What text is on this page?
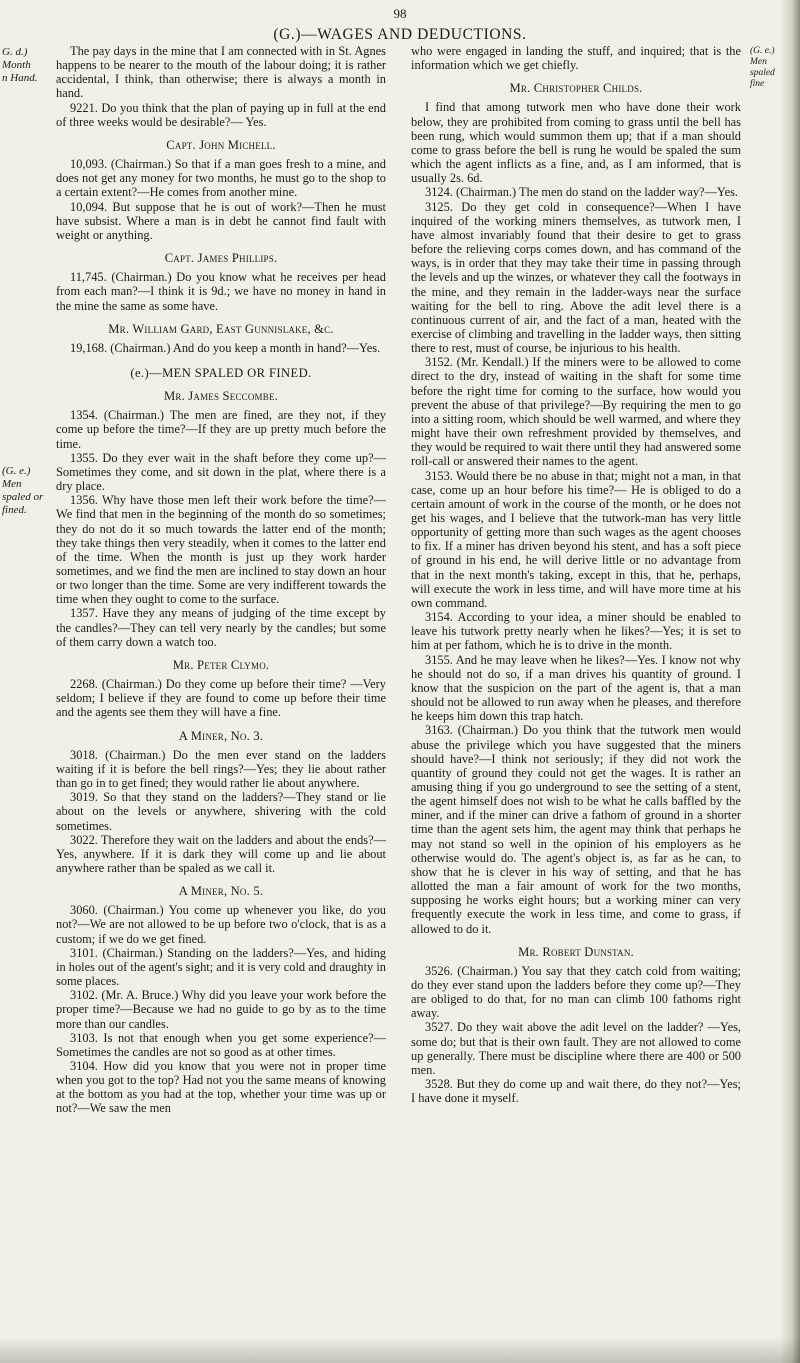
98
(G.)—WAGES AND DEDUCTIONS.
G. d.) Month
n Hand.
(G. e.) Men
spaled or fined.
(G. e.) Men
spaled fine

The pay days in the mine that I am connected with in St. Agnes happens to be nearer to the mouth of the labour doing; it is rather accidental, I think, than otherwise; there is always a month in hand.

9221. Do you think that the plan of paying up in full at the end of three weeks would be desirable?— Yes.

Capt. John Michell.

10,093. (Chairman.) So that if a man goes fresh to a mine, and does not get any money for two months, he must go to the shop to a certain extent?—He comes from another mine.

10,094. But suppose that he is out of work?—Then he must have subsist. Where a man is in debt he cannot find fault with weight or anything.

Capt. James Phillips.

11,745. (Chairman.) Do you know what he receives per head from each man?—I think it is 9d.; we have no money in hand in the mine the same as some have.

Mr. William Gard, East Gunnislake, &c.

19,168. (Chairman.) And do you keep a month in hand?—Yes.

(e.)—MEN SPALED OR FINED.
Mr. James Seccombe.

1354. (Chairman.) The men are fined, are they not, if they come up before the time?—If they are up pretty much before the time.

1355. Do they ever wait in the shaft before they come up?—Sometimes they come, and sit down in the plat, where there is a dry place.

1356. Why have those men left their work before the time?—We find that men in the beginning of the month do so sometimes; they do not do it so much towards the latter end of the month; they take things then very steadily, when it comes to the latter end of the time. When the month is just up they work harder sometimes, and we find the men are inclined to stay down an hour or two longer than the time. Some are very indifferent towards the time when they ought to come to the surface.

1357. Have they any means of judging of the time except by the candles?—They can tell very nearly by the candles; but some of them carry down a watch too.

Mr. Peter Clymo.

2268. (Chairman.) Do they come up before their time? —Very seldom; I believe if they are found to come up before their time and the agents see them they will have a fine.

A Miner, No. 3.

3018. (Chairman.) Do the men ever stand on the ladders waiting if it is before the bell rings?—Yes; they lie about rather than go in to get fined; they would rather lie about anywhere.

3019. So that they stand on the ladders?—They stand or lie about on the levels or anywhere, shivering with the cold sometimes.

3022. Therefore they wait on the ladders and about the ends?—Yes, anywhere. If it is dark they will come up and lie about anywhere rather than be spaled as we call it.

A Miner, No. 5.

3060. (Chairman.) You come up whenever you like, do you not?—We are not allowed to be up before two o'clock, that is as a custom; if we do we get fined.

3101. (Chairman.) Standing on the ladders?—Yes, and hiding in holes out of the agent's sight; and it is very cold and draughty in some places.

3102. (Mr. A. Bruce.) Why did you leave your work before the proper time?—Because we had no guide to go by as to the time more than our candles.

3103. Is not that enough when you get some experience?—Sometimes the candles are not so good as at other times.

3104. How did you know that you were not in proper time when you got to the top? Had not you the same means of knowing at the bottom as you had at the top, whether your time was up or not?—We saw the men

who were engaged in landing the stuff, and inquired; that is the information which we get chiefly.

Mr. Christopher Childs.

I find that among tutwork men who have done their work below, they are prohibited from coming to grass until the bell has been rung, which would summon them up; that if a man should come to grass before the bell is rung he would be spaled the sum which the agent inflicts as a fine, and, as I am informed, that is usually 2s. 6d.

3124. (Chairman.) The men do stand on the ladder way?—Yes.

3125. Do they get cold in consequence?—When I have inquired of the working miners themselves, as tutwork men, I have almost invariably found that their desire to get to grass before the relieving corps comes down, and has command of the ways, is in order that they may take their time in passing through the levels and up the winzes, or whatever they call the footways in the mine, and they remain in the ladder-ways near the surface waiting for the bell to ring. Above the adit level there is a continuous current of air, and the fact of a man, heated with the exercise of climbing and travelling in the ladder ways, then sitting there to rest, must of course, be injurious to his health.

3152. (Mr. Kendall.) If the miners were to be allowed to come direct to the dry, instead of waiting in the shaft for some time before the right time for coming to the surface, how would you prevent the abuse of that privilege?—By requiring the men to go into a sitting room, which should be well warmed, and where they might have their own refreshment provided by themselves, and they would be required to wait there until they had answered some roll-call or answered their names to the agent.

3153. Would there be no abuse in that; might not a man, in that case, come up an hour before his time?— He is obliged to do a certain amount of work in the course of the month, or he does not get his wages, and I believe that the tutwork-man has very little opportunity of getting more than such wages as the agent chooses to fix. If a miner has driven beyond his stent, and has a soft piece of ground in his end, he will derive little or no advantage from that in the next month's taking, except in this, that he, perhaps, will execute the work in less time, and will have more time at his own command.

3154. According to your idea, a miner should be enabled to leave his tutwork pretty nearly when he likes?—Yes; it is set to him at per fathom, which he is to drive in the month.

3155. And he may leave when he likes?—Yes. I know not why he should not do so, if a man drives his quantity of ground. I know that the suspicion on the part of the agent is, that a man should not be allowed to run away when he pleases, and therefore he keeps him down this trap hatch.

3163. (Chairman.) Do you think that the tutwork men would abuse the privilege which you have suggested that the miners should have?—I think not seriously; if they did not work the quantity of ground they could not get the wages. It is rather an amusing thing if you go underground to see the setting of a stent, the agent himself does not wish to be what he calls baffled by the miner, and if the miner can drive a fathom of ground in a shorter time than the agent sets him, the agent may think that perhaps he may not stand so well in the opinion of his employers as he otherwise would do. The agent's object is, as far as he can, to show that he is clever in his way of setting, and that he has allotted the man a fair amount of work for the two months, supposing he works eight hours; but a working miner can very frequently execute the work in less time, and come to grass, if allowed to do it.

Mr. Robert Dunstan.

3526. (Chairman.) You say that they catch cold from waiting; do they ever stand upon the ladders before they come up?—They are obliged to do that, for no man can climb 100 fathoms right away.

3527. Do they wait above the adit level on the ladder? —Yes, some do; but that is their own fault. They are not allowed to come up generally. There must be discipline where there are 400 or 500 men.

3528. But they do come up and wait there, do they not?—Yes; I have done it myself.
